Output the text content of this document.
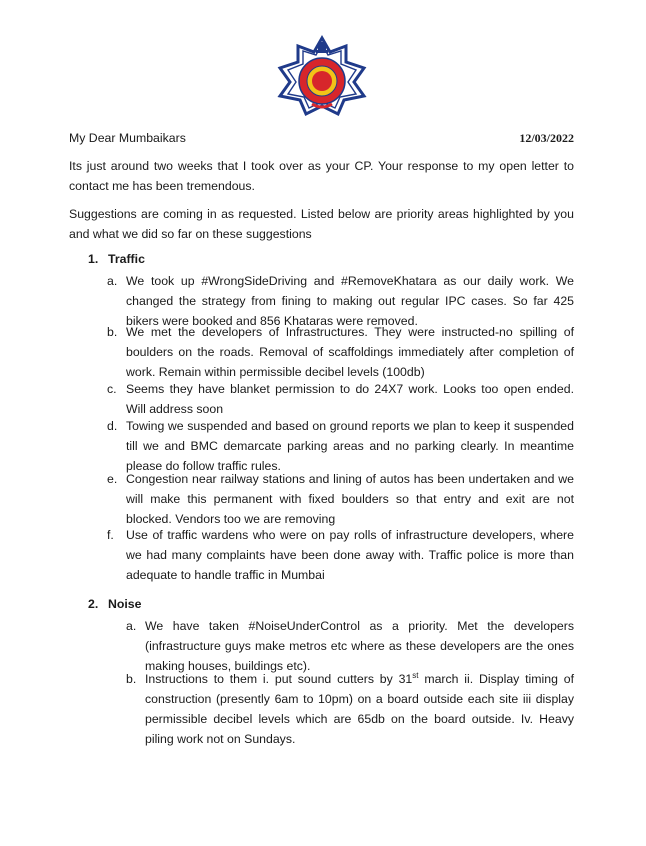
My Dear Mumbaikars	12/03/2022

Its just around two weeks that I took over as your CP. Your response to my open letter to contact me has been tremendous.

Suggestions are coming in as requested. Listed below are priority areas highlighted by you and what we did so far on these suggestions

1. Traffic
a. We took up #WrongSideDriving and #RemoveKhatara as our daily work. We changed the strategy from fining to making out regular IPC cases. So far 425 bikers were booked and 856 Khataras were removed.
b. We met the developers of Infrastructures. They were instructed-no spilling of boulders on the roads. Removal of scaffoldings immediately after completion of work. Remain within permissible decibel levels (100db)
c. Seems they have blanket permission to do 24X7 work. Looks too open ended. Will address soon
d. Towing we suspended and based on ground reports we plan to keep it suspended till we and BMC demarcate parking areas and no parking clearly. In meantime please do follow traffic rules.
e. Congestion near railway stations and lining of autos has been undertaken and we will make this permanent with fixed boulders so that entry and exit are not blocked. Vendors too we are removing
f. Use of traffic wardens who were on pay rolls of infrastructure developers, where we had many complaints have been done away with. Traffic police is more than adequate to handle traffic in Mumbai
2. Noise
a. We have taken #NoiseUnderControl as a priority. Met the developers (infrastructure guys make metros etc where as these developers are the ones making houses, buildings etc).
b. Instructions to them i. put sound cutters by 31st march ii. Display timing of construction (presently 6am to 10pm) on a board outside each site iii display permissible decibel levels which are 65db on the board outside. Iv. Heavy piling work not on Sundays.
